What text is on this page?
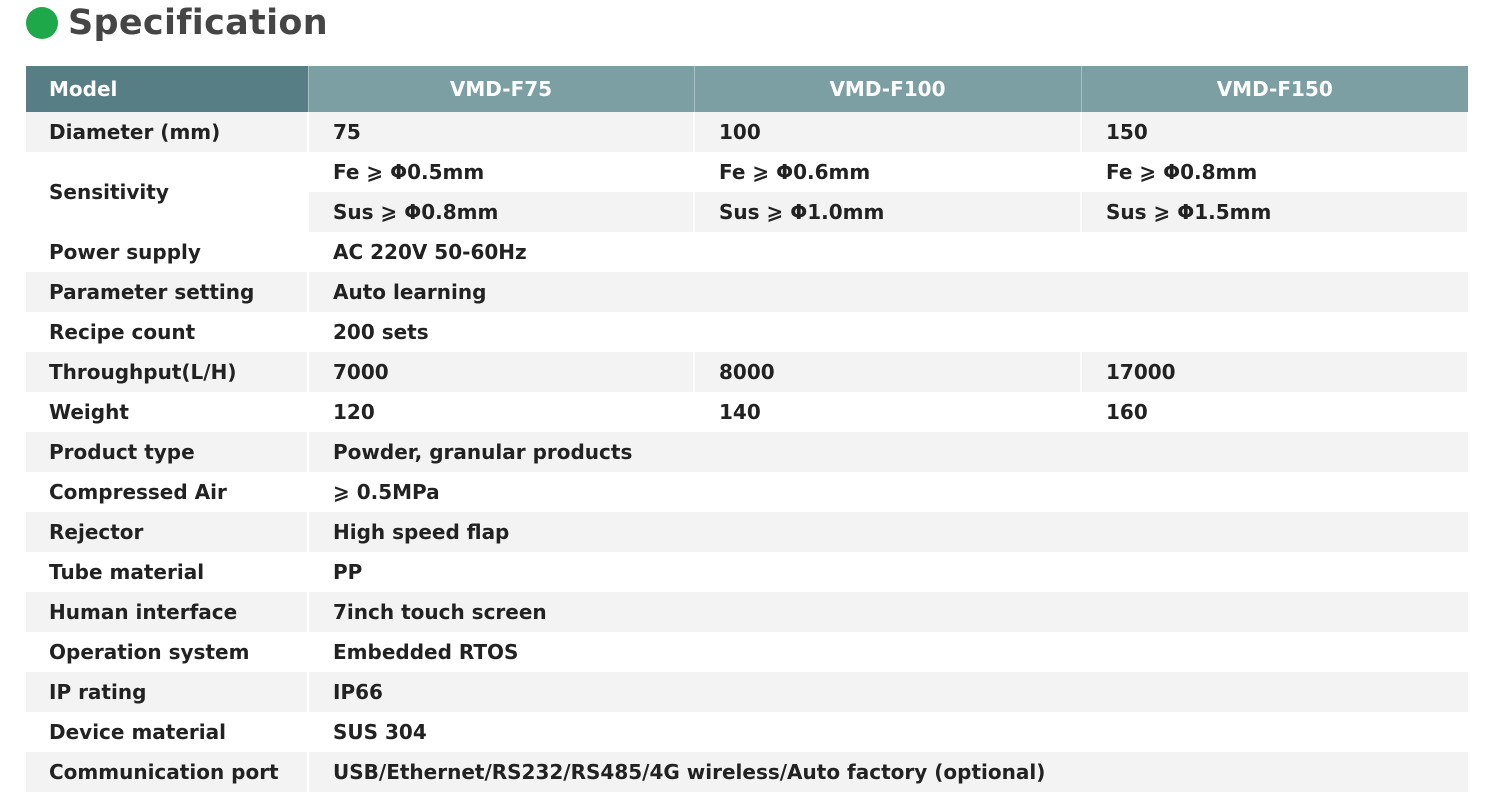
Specification
Model	VMD-F75	VMD-F100	VMD-F150
Diameter (mm)	75	100	150
Sensitivity	Fe ⩾ Φ0.5mm	Fe ⩾ Φ0.6mm	Fe ⩾ Φ0.8mm
	Sus ⩾ Φ0.8mm	Sus ⩾ Φ1.0mm	Sus ⩾ Φ1.5mm
Power supply	AC 220V 50-60Hz		
Parameter setting	Auto learning		
Recipe count	200 sets		
Throughput(L/H)	7000	8000	17000
Weight	120	140	160
Product type	Powder, granular products		
Compressed Air	⩾ 0.5MPa		
Rejector	High speed flap		
Tube material	PP		
Human interface	7inch touch screen		
Operation system	Embedded RTOS		
IP rating	IP66		
Device material	SUS 304		
Communication port	USB/Ethernet/RS232/RS485/4G wireless/Auto factory (optional)		
